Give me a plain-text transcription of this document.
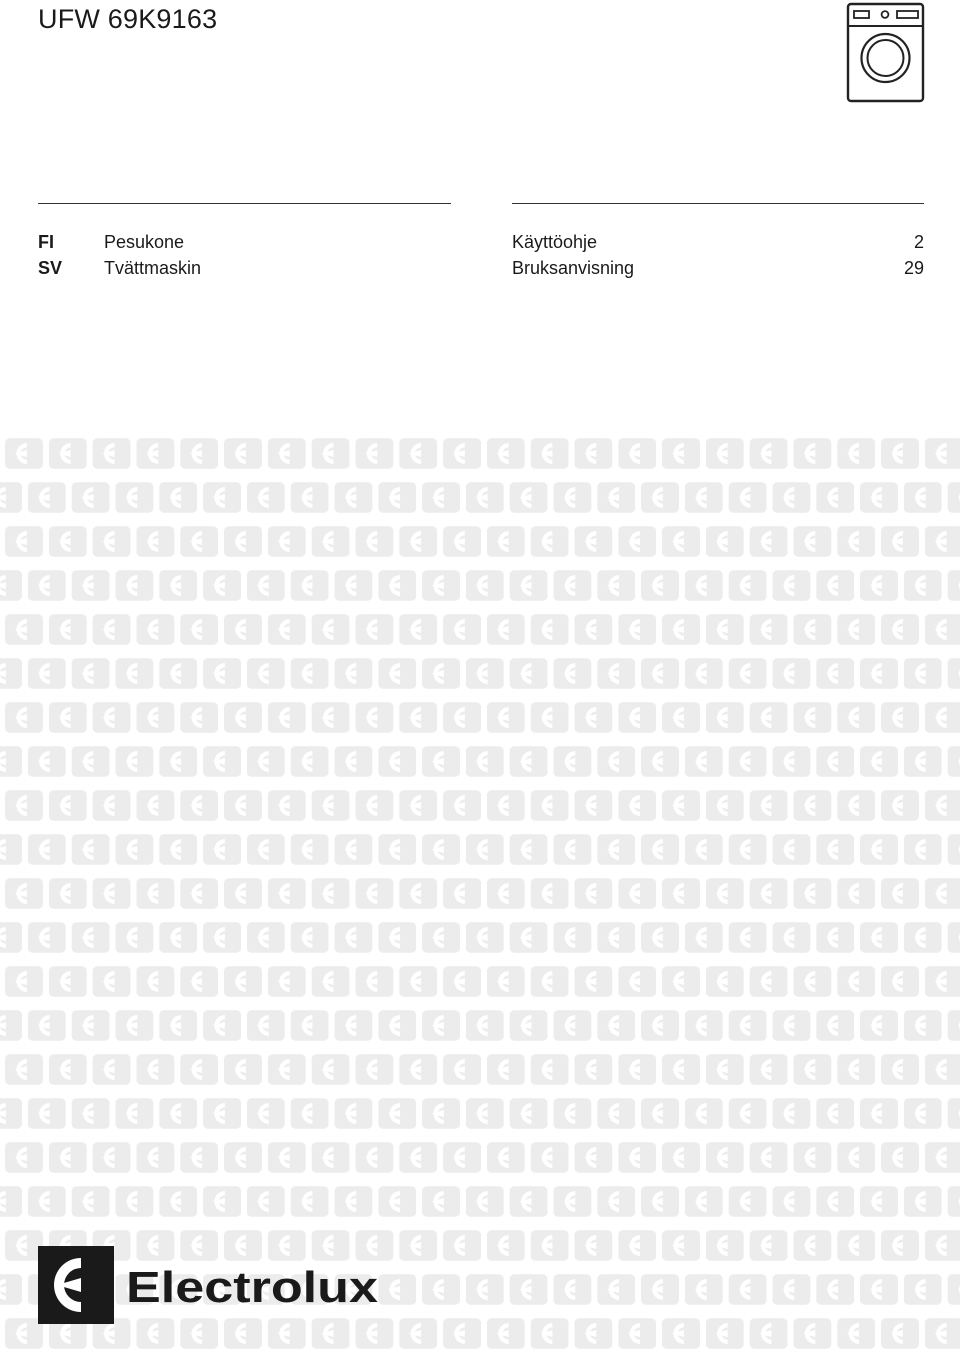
UFW 69K9163
FI	Pesukone	Käyttöohje	2
SV Tvättmaskin	Bruksanvisning	29
Electrolux
